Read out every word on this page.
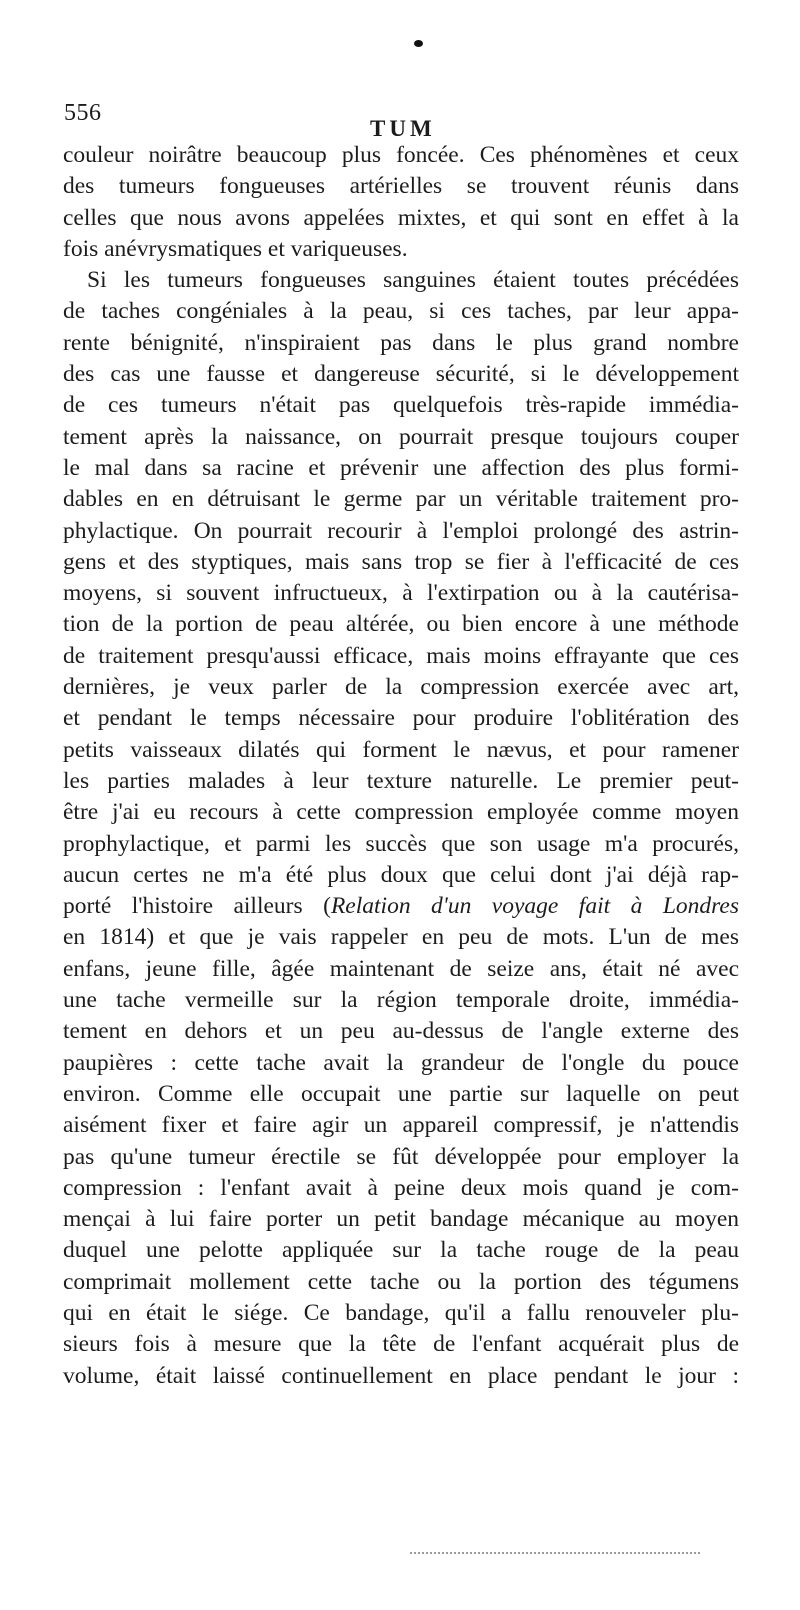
556
TUM
couleur noirâtre beaucoup plus foncée. Ces phénomènes et ceux
des tumeurs fongueuses artérielles se trouvent réunis dans
celles que nous avons appelées mixtes, et qui sont en effet à la
fois anévrysmatiques et variqueuses.
Si les tumeurs fongueuses sanguines étaient toutes précédées
de taches congéniales à la peau, si ces taches, par leur appa-
rente bénignité, n'inspiraient pas dans le plus grand nombre
des cas une fausse et dangereuse sécurité, si le développement
de ces tumeurs n'était pas quelquefois très-rapide immédia-
tement après la naissance, on pourrait presque toujours couper
le mal dans sa racine et prévenir une affection des plus formi-
dables en en détruisant le germe par un véritable traitement pro-
phylactique. On pourrait recourir à l'emploi prolongé des astrin-
gens et des styptiques, mais sans trop se fier à l'efficacité de ces
moyens, si souvent infructueux, à l'extirpation ou à la cautérisa-
tion de la portion de peau altérée, ou bien encore à une méthode
de traitement presqu'aussi efficace, mais moins effrayante que ces
dernières, je veux parler de la compression exercée avec art,
et pendant le temps nécessaire pour produire l'oblitération des
petits vaisseaux dilatés qui forment le nævus, et pour ramener
les parties malades à leur texture naturelle. Le premier peut-
être j'ai eu recours à cette compression employée comme moyen
prophylactique, et parmi les succès que son usage m'a procurés,
aucun certes ne m'a été plus doux que celui dont j'ai déjà rap-
porté l'histoire ailleurs (Relation d'un voyage fait à Londres
en 1814) et que je vais rappeler en peu de mots. L'un de mes
enfans, jeune fille, âgée maintenant de seize ans, était né avec
une tache vermeille sur la région temporale droite, immédia-
tement en dehors et un peu au-dessus de l'angle externe des
paupières : cette tache avait la grandeur de l'ongle du pouce
environ. Comme elle occupait une partie sur laquelle on peut
aisément fixer et faire agir un appareil compressif, je n'attendis
pas qu'une tumeur érectile se fût développée pour employer la
compression : l'enfant avait à peine deux mois quand je com-
mençai à lui faire porter un petit bandage mécanique au moyen
duquel une pelotte appliquée sur la tache rouge de la peau
comprimait mollement cette tache ou la portion des tégumens
qui en était le siége. Ce bandage, qu'il a fallu renouveler plu-
sieurs fois à mesure que la tête de l'enfant acquérait plus de
volume, était laissé continuellement en place pendant le jour :
